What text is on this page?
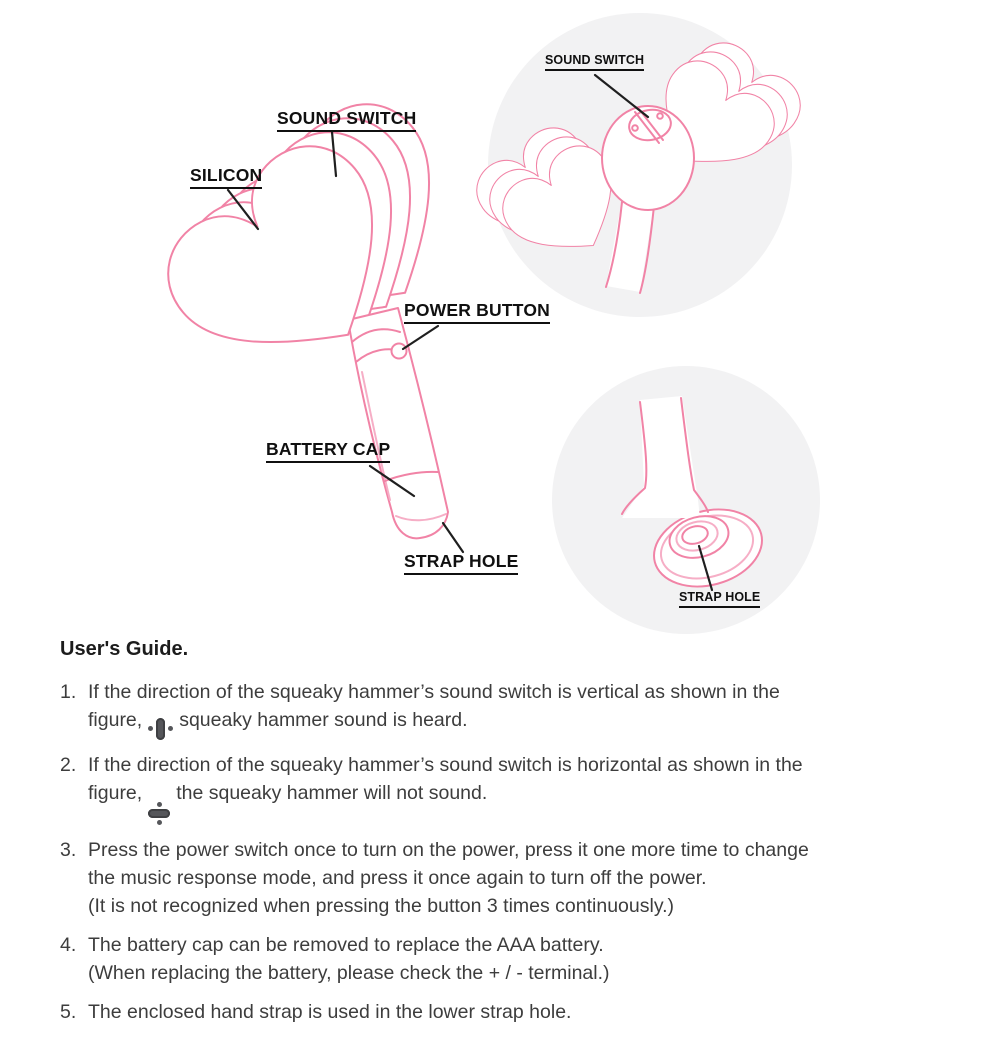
SOUND SWITCH
SILICON
POWER BUTTON
BATTERY CAP
STRAP HOLE
SOUND SWITCH
STRAP HOLE

User's Guide.

1. If the direction of the squeaky hammer’s sound switch is vertical as shown in the
figure, squeaky hammer sound is heard.
2. If the direction of the squeaky hammer’s sound switch is horizontal as shown in the
figure, the squeaky hammer will not sound.
3. Press the power switch once to turn on the power, press it one more time to change
the music response mode, and press it once again to turn off the power.
(It is not recognized when pressing the button 3 times continuously.)
4. The battery cap can be removed to replace the AAA battery.
(When replacing the battery, please check the + / - terminal.)
5. The enclosed hand strap is used in the lower strap hole.
